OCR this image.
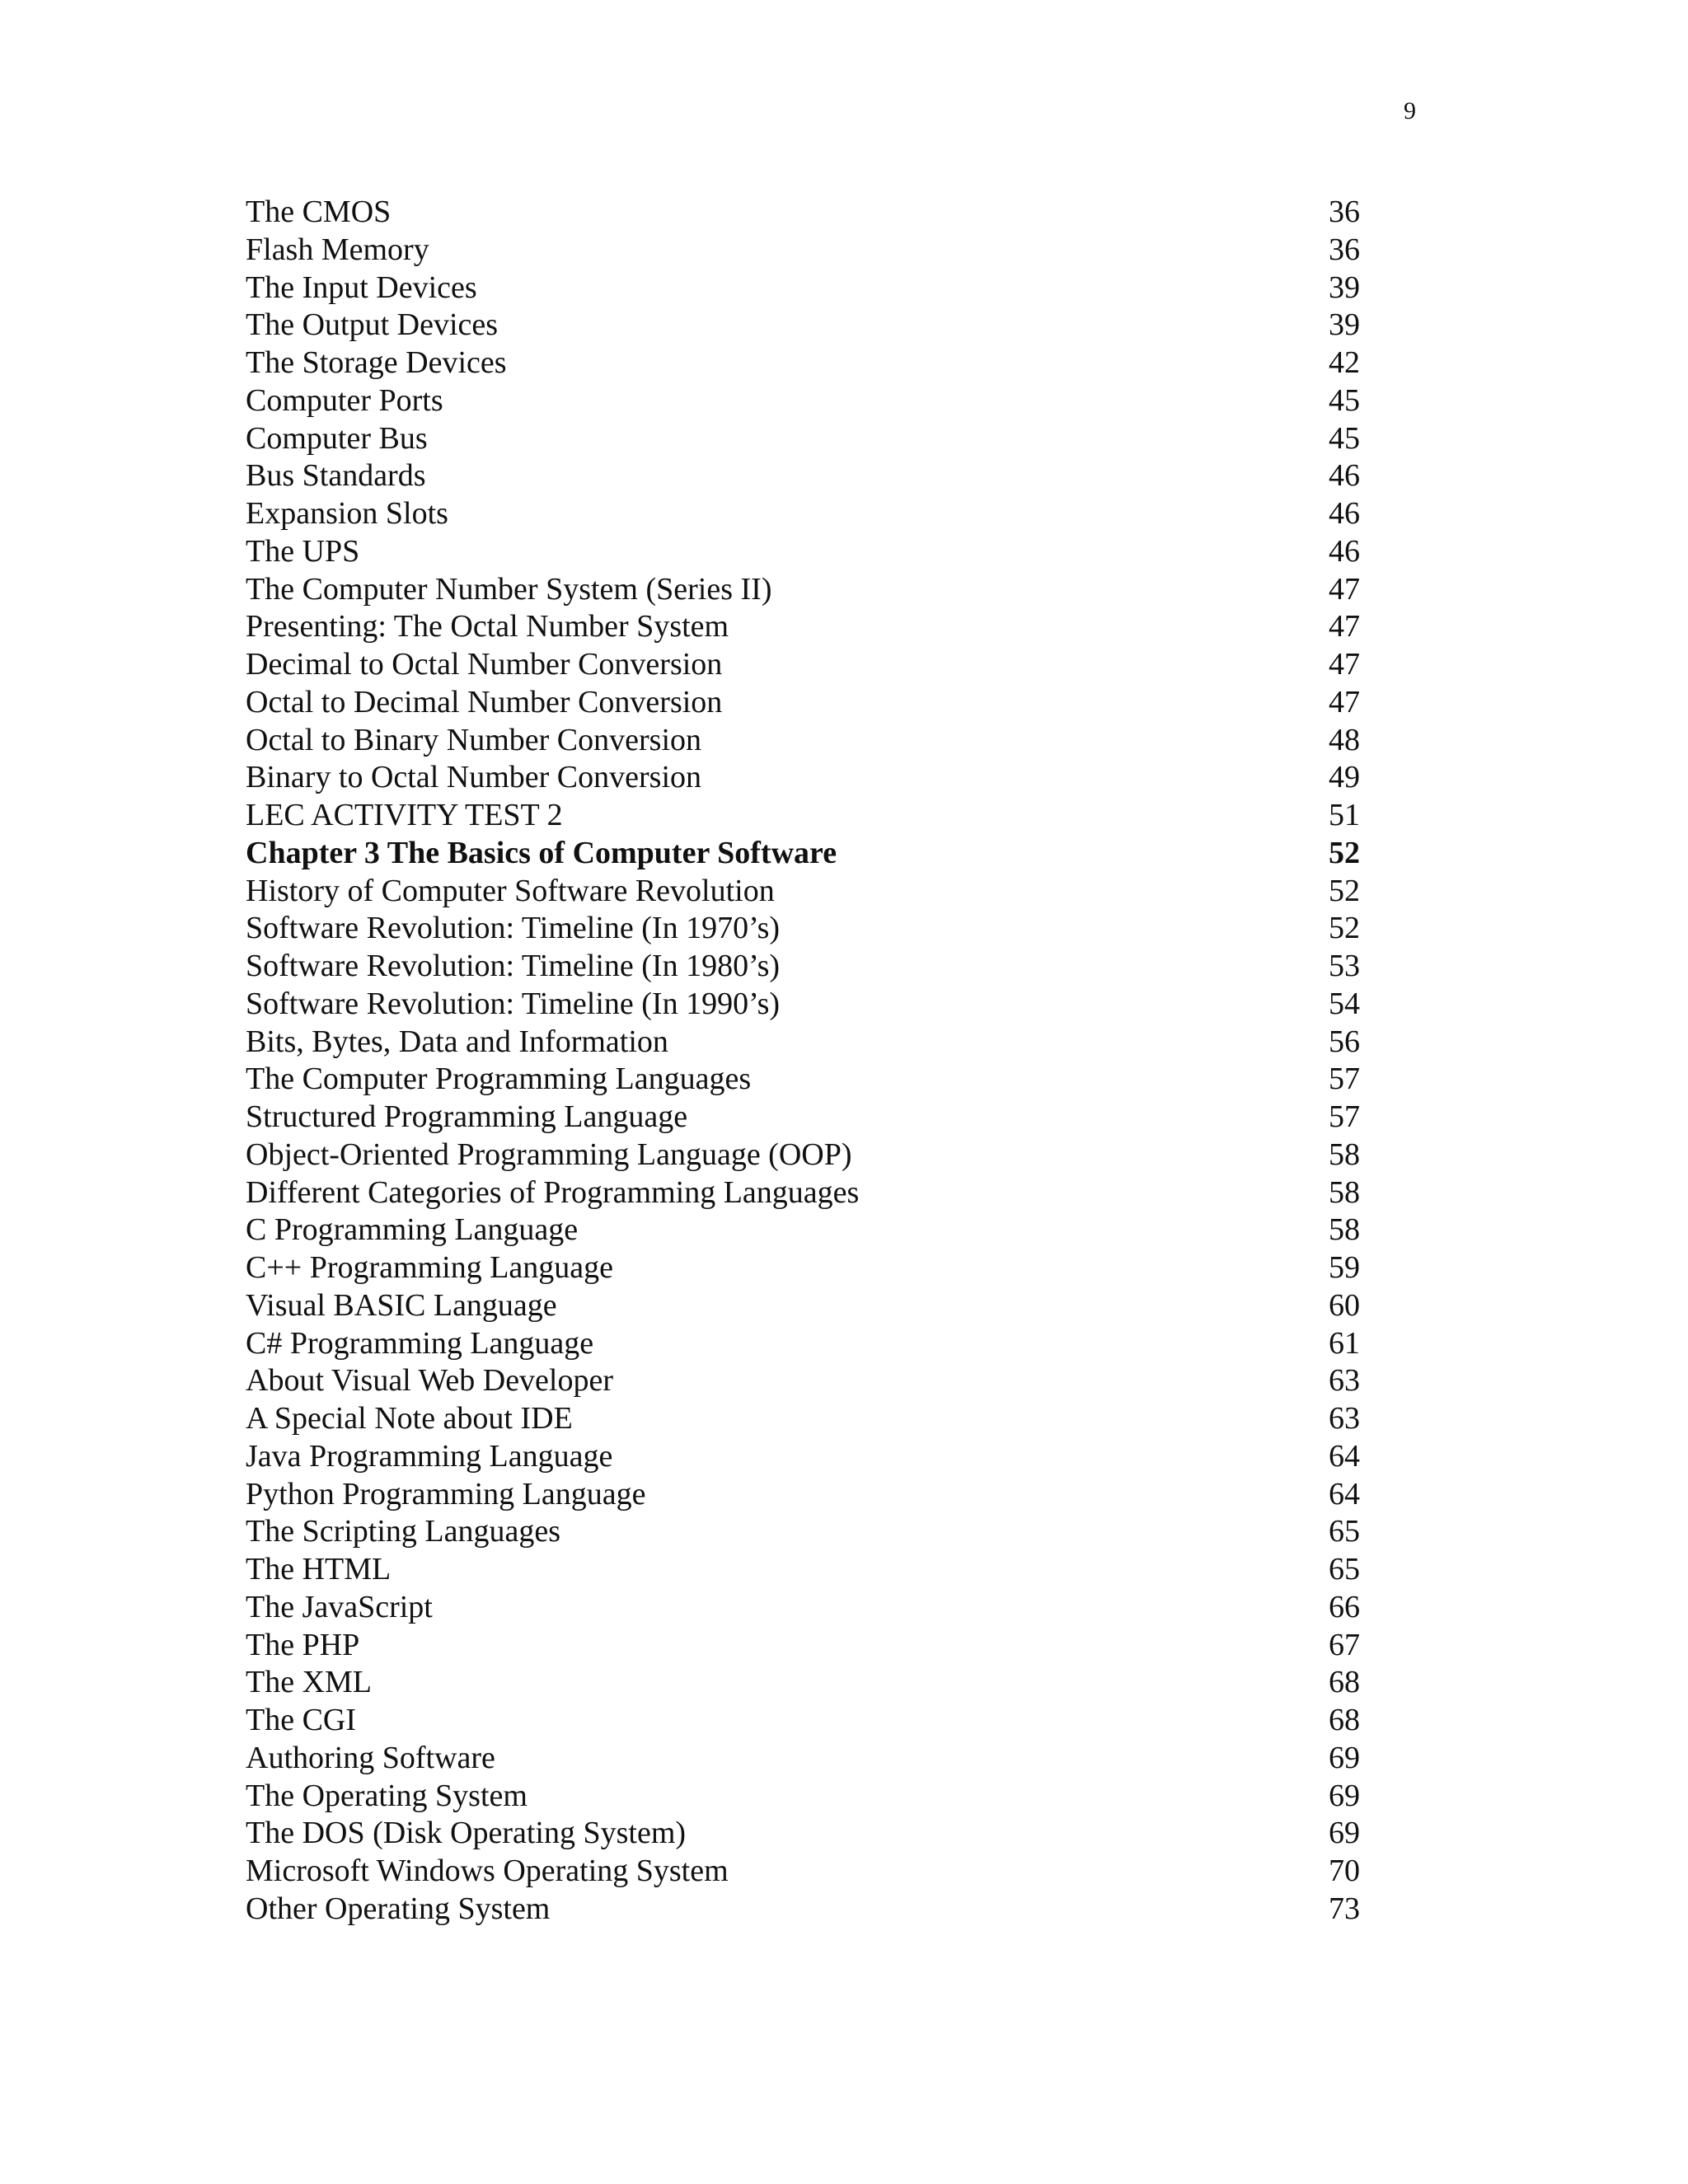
9
The CMOS	36
Flash Memory	36
The Input Devices	39
The Output Devices	39
The Storage Devices	42
Computer Ports	45
Computer Bus	45
Bus Standards	46
Expansion Slots	46
The UPS	46
The Computer Number System (Series II)	47
Presenting: The Octal Number System	47
Decimal to Octal Number Conversion	47
Octal to Decimal Number Conversion	47
Octal to Binary Number Conversion	48
Binary to Octal Number Conversion	49
LEC ACTIVITY TEST 2	51
Chapter 3 The Basics of Computer Software	52
History of Computer Software Revolution	52
Software Revolution: Timeline (In 1970’s)	52
Software Revolution: Timeline (In 1980’s)	53
Software Revolution: Timeline (In 1990’s)	54
Bits, Bytes, Data and Information	56
The Computer Programming Languages	57
Structured Programming Language	57
Object-Oriented Programming Language (OOP)	58
Different Categories of Programming Languages	58
C Programming Language	58
C++ Programming Language	59
Visual BASIC Language	60
C# Programming Language	61
About Visual Web Developer	63
A Special Note about IDE	63
Java Programming Language	64
Python Programming Language	64
The Scripting Languages	65
The HTML	65
The JavaScript	66
The PHP	67
The XML	68
The CGI	68
Authoring Software	69
The Operating System	69
The DOS (Disk Operating System)	69
Microsoft Windows Operating System	70
Other Operating System	73
